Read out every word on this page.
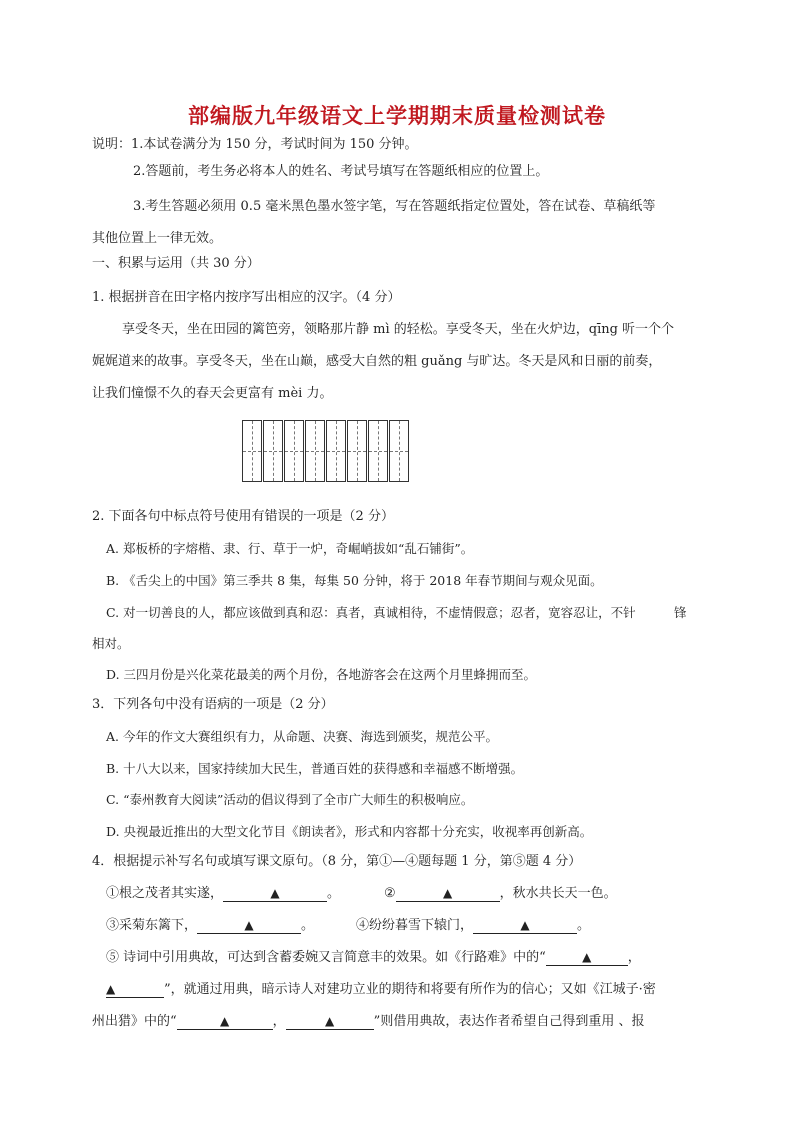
部编版九年级语文上学期期末质量检测试卷

说明：1.本试卷满分为 150 分，考试时间为 150 分钟。

2.答题前，考生务必将本人的姓名、考试号填写在答题纸相应的位置上。

3.考生答题必须用 0.5 毫米黑色墨水签字笔，写在答题纸指定位置处，答在试卷、草稿纸等

其他位置上一律无效。

一、积累与运用（共 30 分）

1. 根据拼音在田字格内按序写出相应的汉字。（4 分）

享受冬天，坐在田园的篱笆旁，领略那片静 mì 的轻松。享受冬天，坐在火炉边，qīng 听一个个

娓娓道来的故事。享受冬天，坐在山巅，感受大自然的粗 guǎng 与旷达。冬天是风和日丽的前奏，

让我们憧憬不久的春天会更富有 mèi 力。

2. 下面各句中标点符号使用有错误的一项是（2 分）

A. 郑板桥的字熔楷、隶、行、草于一炉，奇崛峭拔如“乱石铺街”。

B. 《舌尖上的中国》第三季共 8 集，每集 50 分钟，将于 2018 年春节期间与观众见面。

C. 对一切善良的人，都应该做到真和忍：真者，真诚相待，不虚情假意；忍者，宽容忍让，不针	锋

相对。

D. 三四月份是兴化菜花最美的两个月份，各地游客会在这两个月里蜂拥而至。

3．下列各句中没有语病的一项是（2 分）

A. 今年的作文大赛组织有力，从命题、决赛、海选到颁奖，规范公平。

B. 十八大以来，国家持续加大民生，普通百姓的获得感和幸福感不断增强。

C. “泰州教育大阅读”活动的倡议得到了全市广大师生的积极响应。

D. 央视最近推出的大型文化节目《朗读者》，形式和内容都十分充实，收视率再创新高。

4．根据提示补写名句或填写课文原句。（8 分，第①—④题每题 1 分，第⑤题 4 分）

①根之茂者其实遂，	▲	。	②	▲	，秋水共长天一色。

③采菊东篱下，	▲	。	④纷纷暮雪下辕门，	▲	。

⑤ 诗词中引用典故，可达到含蓄委婉又言简意丰的效果。如《行路难》中的“	▲	，

▲	”，就通过用典，暗示诗人对建功立业的期待和将要有所作为的信心；又如《江城子·密

州出猎》中的“	▲	，	▲	”则借用典故，表达作者希望自己得到重用 、报
